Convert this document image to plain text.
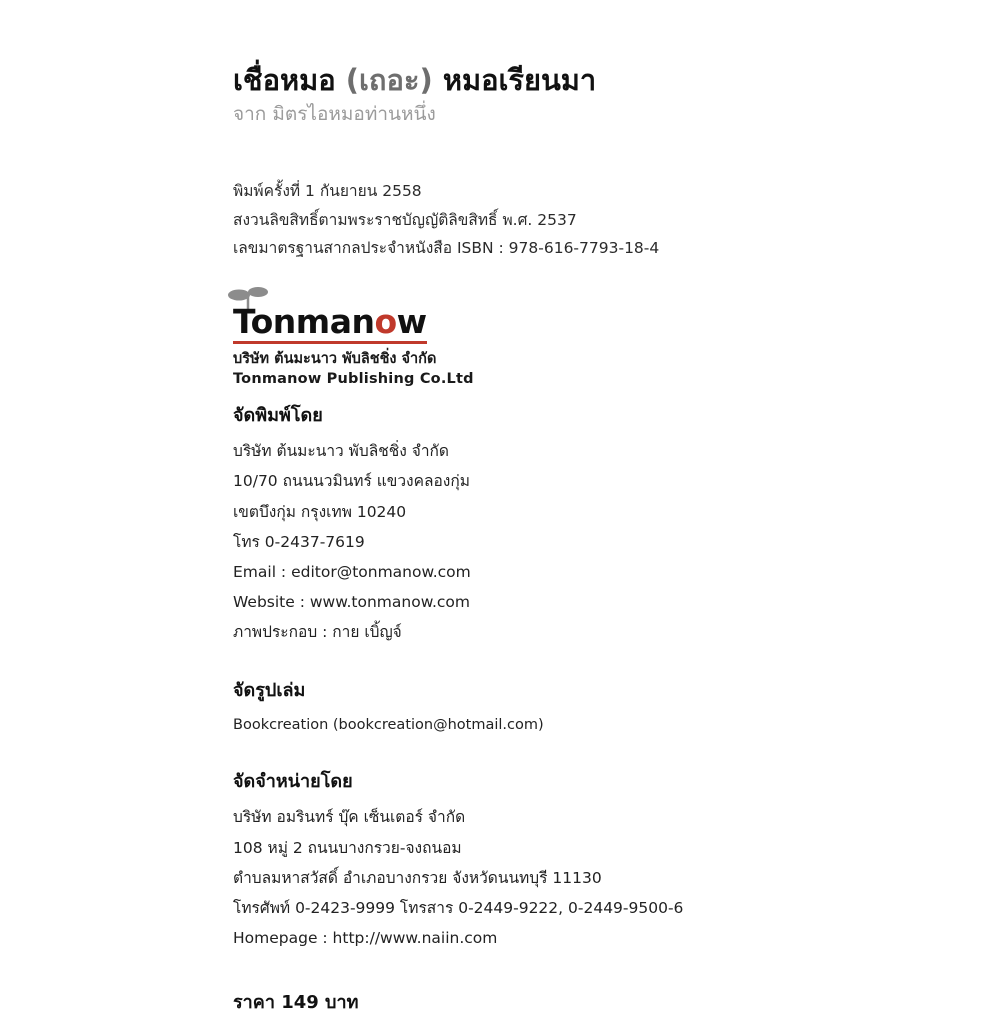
เชื่อหมอ (เถอะ) หมอเรียนมา
จาก มิตรไอหมอท่านหนึ่ง
พิมพ์ครั้งที่ 1 กันยายน 2558
สงวนลิขสิทธิ์ตามพระราชบัญญัติลิขสิทธิ์ พ.ศ. 2537
เลขมาตรฐานสากลประจำหนังสือ ISBN : 978-616-7793-18-4
Tonmanow
บริษัท ต้นมะนาว พับลิชชิ่ง จำกัด
Tonmanow Publishing Co.Ltd
จัดพิมพ์โดย
บริษัท ต้นมะนาว พับลิชชิ่ง จำกัด
10/70 ถนนนวมินทร์ แขวงคลองกุ่ม
เขตบึงกุ่ม กรุงเทพ 10240
โทร 0-2437-7619
Email : editor@tonmanow.com
Website : www.tonmanow.com
ภาพประกอบ : กาย เบิ้ญจ์
จัดรูปเล่ม
Bookcreation (bookcreation@hotmail.com)
จัดจำหน่ายโดย
บริษัท อมรินทร์ บุ๊ค เซ็นเตอร์ จำกัด
108 หมู่ 2 ถนนบางกรวย-จงถนอม
ตำบลมหาสวัสดิ์ อำเภอบางกรวย จังหวัดนนทบุรี 11130
โทรศัพท์ 0-2423-9999 โทรสาร 0-2449-9222, 0-2449-9500-6
Homepage : http://www.naiin.com
ราคา 149 บาท
